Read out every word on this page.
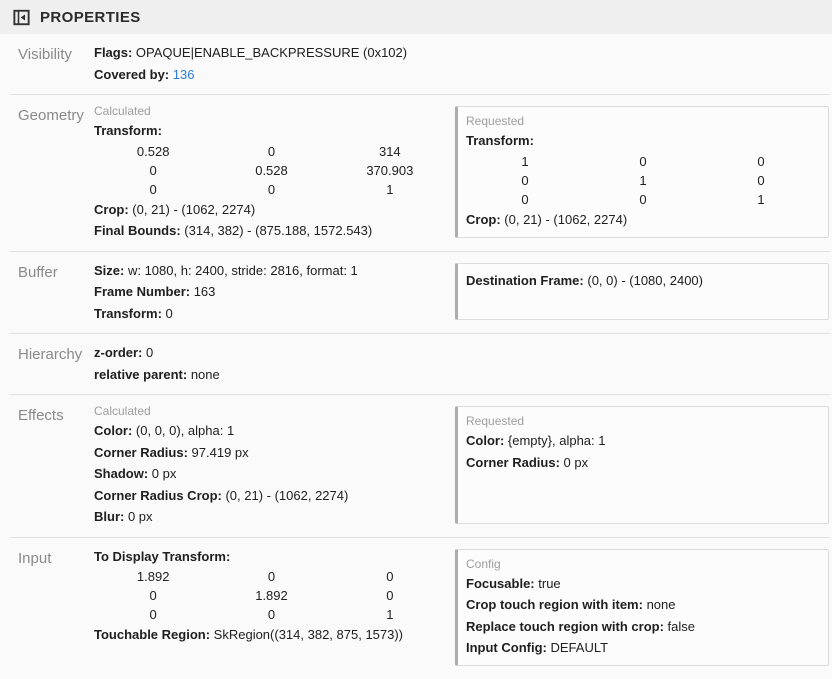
PROPERTIES
Visibility	Flags: OPAQUE|ENABLE_BACKPRESSURE (0x102)
Covered by: 136
Geometry Calculated
Transform:
0.528	0	314
0	0.528	370.903
0	0	1
Crop: (0, 21) - (1062, 2274)
Final Bounds: (314, 382) - (875.188, 1572.543)
Requested
Transform:
1	0	0
0	1	0
0	0	1
Crop: (0, 21) - (1062, 2274)
Buffer	Size: w: 1080, h: 2400, stride: 2816, format: 1
Frame Number: 163
Transform: 0
Destination Frame: (0, 0) - (1080, 2400)
Hierarchy z-order: 0
relative parent: none
Effects	Calculated
Color: (0, 0, 0), alpha: 1
Corner Radius: 97.419 px
Shadow: 0 px
Corner Radius Crop: (0, 21) - (1062, 2274)
Blur: 0 px
Requested
Color: {empty}, alpha: 1
Corner Radius: 0 px
Input	To Display Transform:
1.892	0	0
0	1.892	0
0	0	1
Touchable Region: SkRegion((314, 382, 875, 1573))
Config
Focusable: true
Crop touch region with item: none
Replace touch region with crop: false
Input Config: DEFAULT
